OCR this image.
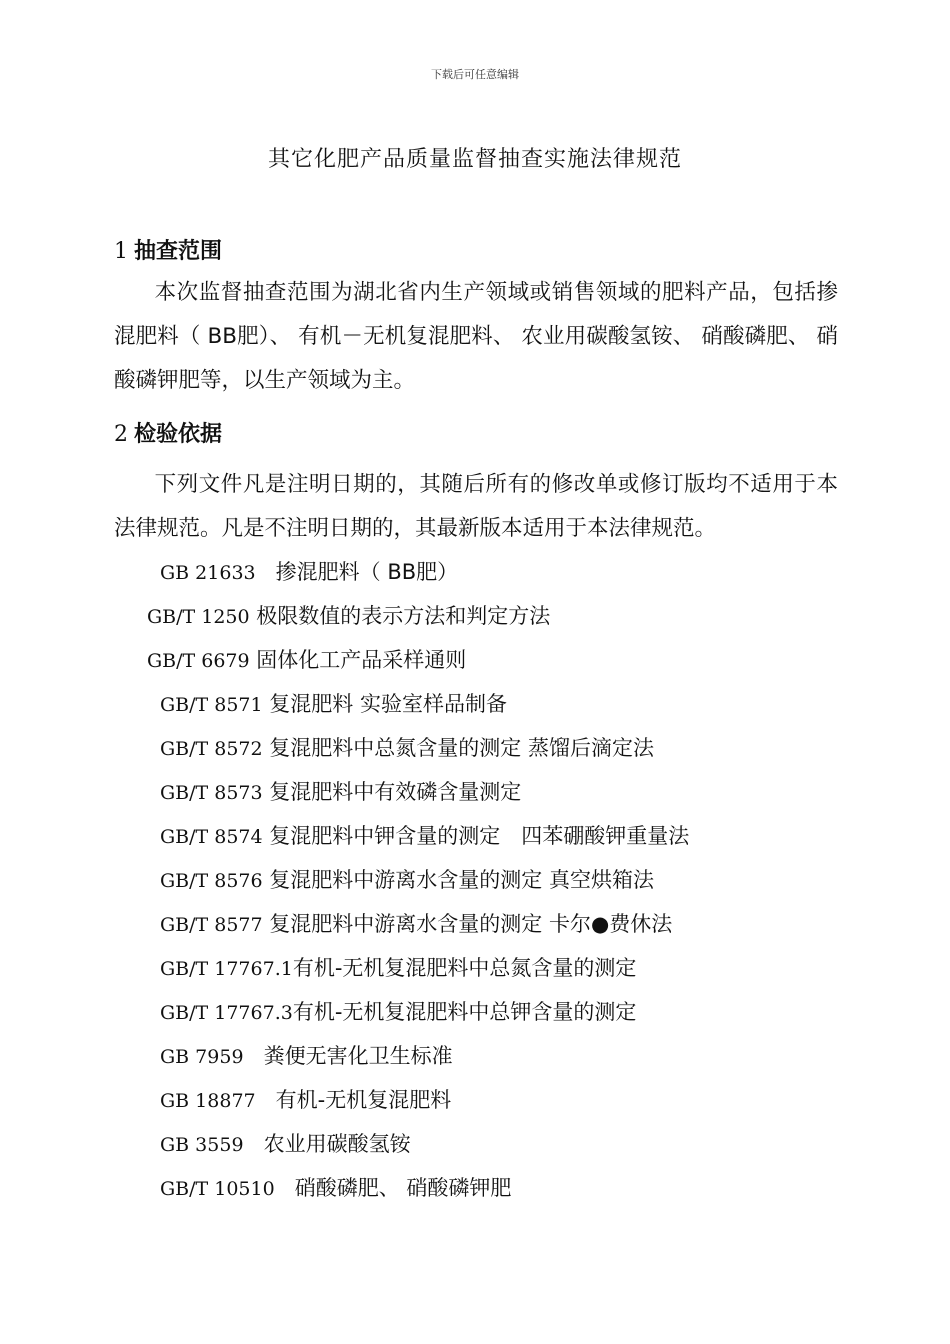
下载后可任意编辑
其它化肥产品质量监督抽查实施法律规范
1 抽查范围
本次监督抽查范围为湖北省内生产领域或销售领域的肥料产品，包括掺混肥料（ BB肥）、 有机－无机复混肥料、 农业用碳酸氢铵、 硝酸磷肥、 硝酸磷钾肥等，以生产领域为主。
2 检验依据
下列文件凡是注明日期的，其随后所有的修改单或修订版均不适用于本法律规范。凡是不注明日期的，其最新版本适用于本法律规范。
GB 21633 掺混肥料（ BB肥）
GB/T 1250 极限数值的表示方法和判定方法
GB/T 6679 固体化工产品采样通则
GB/T 8571 复混肥料 实验室样品制备
GB/T 8572 复混肥料中总氮含量的测定 蒸馏后滴定法
GB/T 8573 复混肥料中有效磷含量测定
GB/T 8574 复混肥料中钾含量的测定　四苯硼酸钾重量法
GB/T 8576 复混肥料中游离水含量的测定 真空烘箱法
GB/T 8577 复混肥料中游离水含量的测定 卡尔●费休法
GB/T 17767.1有机-无机复混肥料中总氮含量的测定
GB/T 17767.3有机-无机复混肥料中总钾含量的测定
GB 7959 粪便无害化卫生标准
GB 18877 有机-无机复混肥料
GB 3559 农业用碳酸氢铵
GB/T 10510 硝酸磷肥、 硝酸磷钾肥
